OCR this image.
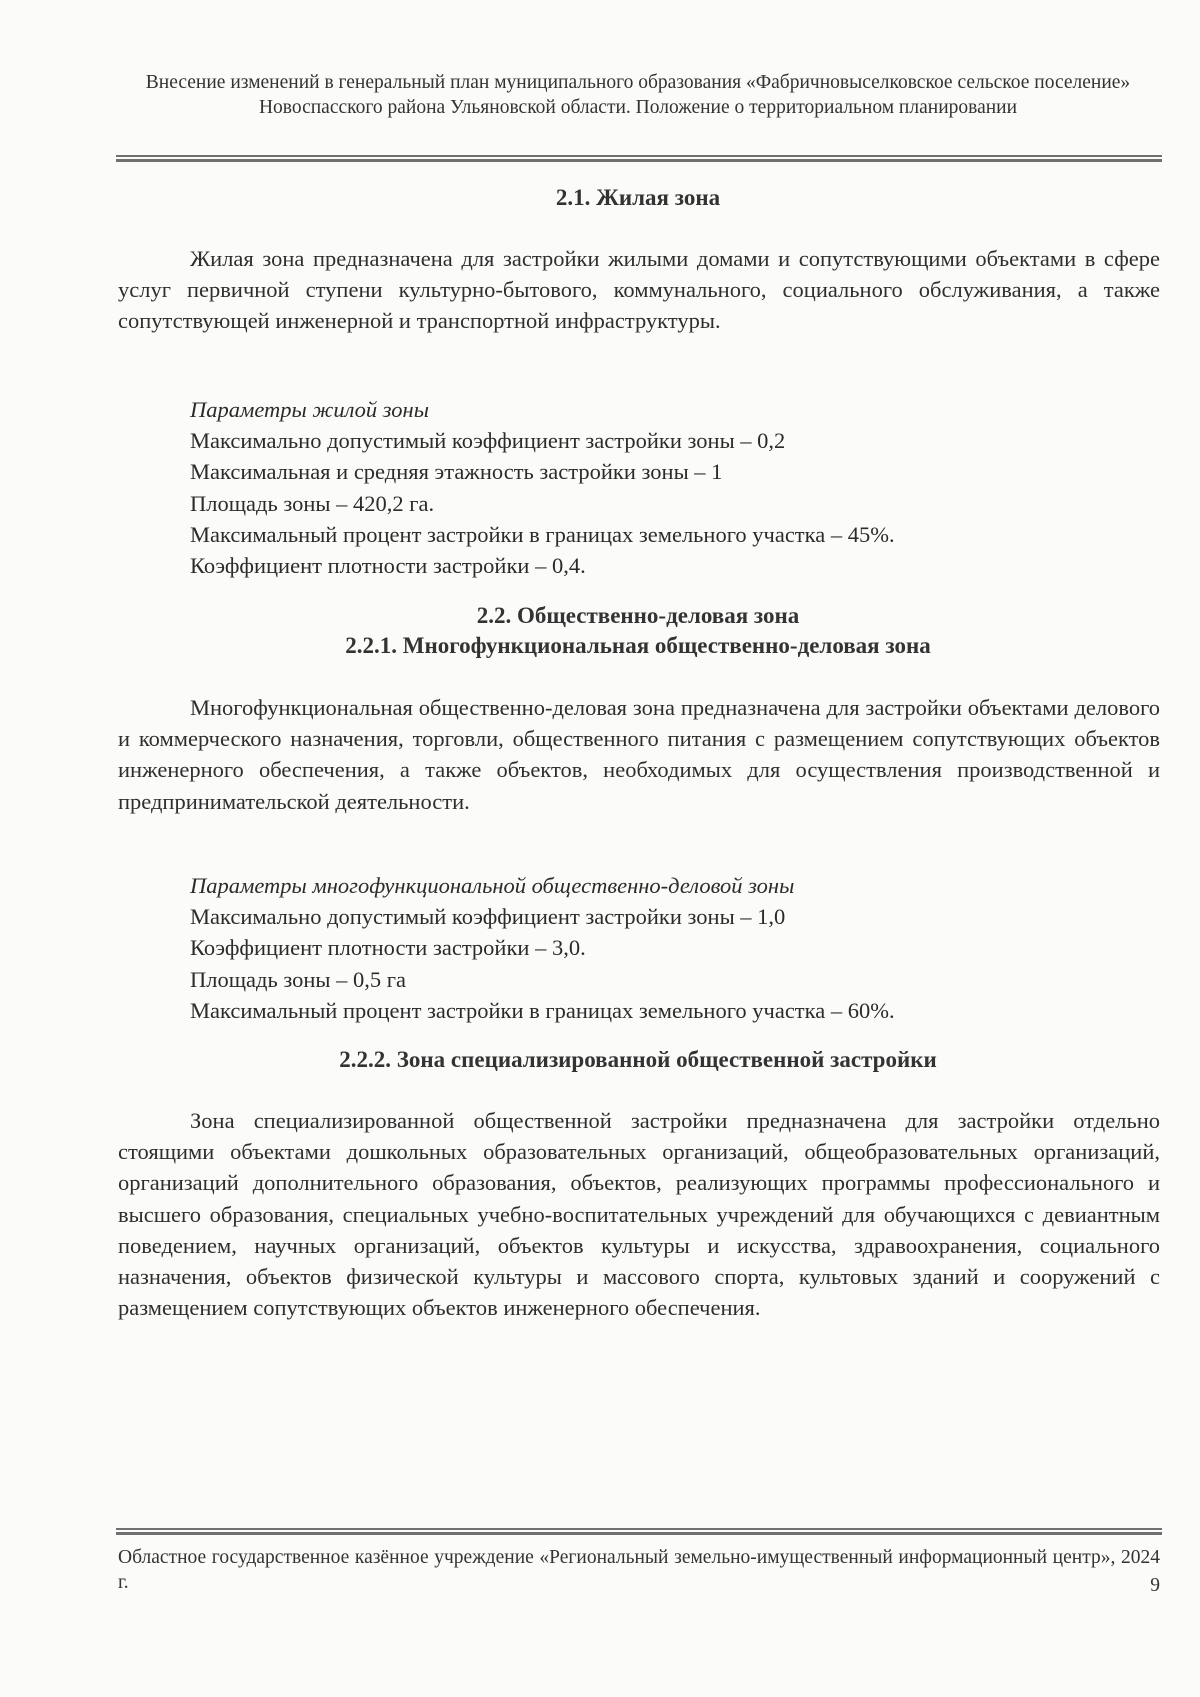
Внесение изменений в генеральный план муниципального образования «Фабричновыселковское сельское поселение» Новоспасского района Ульяновской области. Положение о территориальном планировании
2.1. Жилая зона

Жилая зона предназначена для застройки жилыми домами и сопутствующими объектами в сфере услуг первичной ступени культурно-бытового, коммунального, социального обслуживания, а также сопутствующей инженерной и транспортной инфраструктуры.

Параметры жилой зоны
Максимально допустимый коэффициент застройки зоны – 0,2
Максимальная и средняя этажность застройки зоны – 1
Площадь зоны – 420,2 га.
Максимальный процент застройки в границах земельного участка – 45%.
Коэффициент плотности застройки – 0,4.
2.2. Общественно-деловая зона
2.2.1. Многофункциональная общественно-деловая зона

Многофункциональная общественно-деловая зона предназначена для застройки объектами делового и коммерческого назначения, торговли, общественного питания с размещением сопутствующих объектов инженерного обеспечения, а также объектов, необходимых для осуществления производственной и предпринимательской деятельности.

Параметры многофункциональной общественно-деловой зоны
Максимально допустимый коэффициент застройки зоны – 1,0
Коэффициент плотности застройки – 3,0.
Площадь зоны – 0,5 га
Максимальный процент застройки в границах земельного участка – 60%.
2.2.2. Зона специализированной общественной застройки

Зона специализированной общественной застройки предназначена для застройки отдельно стоящими объектами дошкольных образовательных организаций, общеобразовательных организаций, организаций дополнительного образования, объектов, реализующих программы профессионального и высшего образования, специальных учебно-воспитательных учреждений для обучающихся с девиантным поведением, научных организаций, объектов культуры и искусства, здравоохранения, социального назначения, объектов физической культуры и массового спорта, культовых зданий и сооружений с размещением сопутствующих объектов инженерного обеспечения.

Областное государственное казённое учреждение «Региональный земельно-имущественный информационный центр», 2024 г.	9
